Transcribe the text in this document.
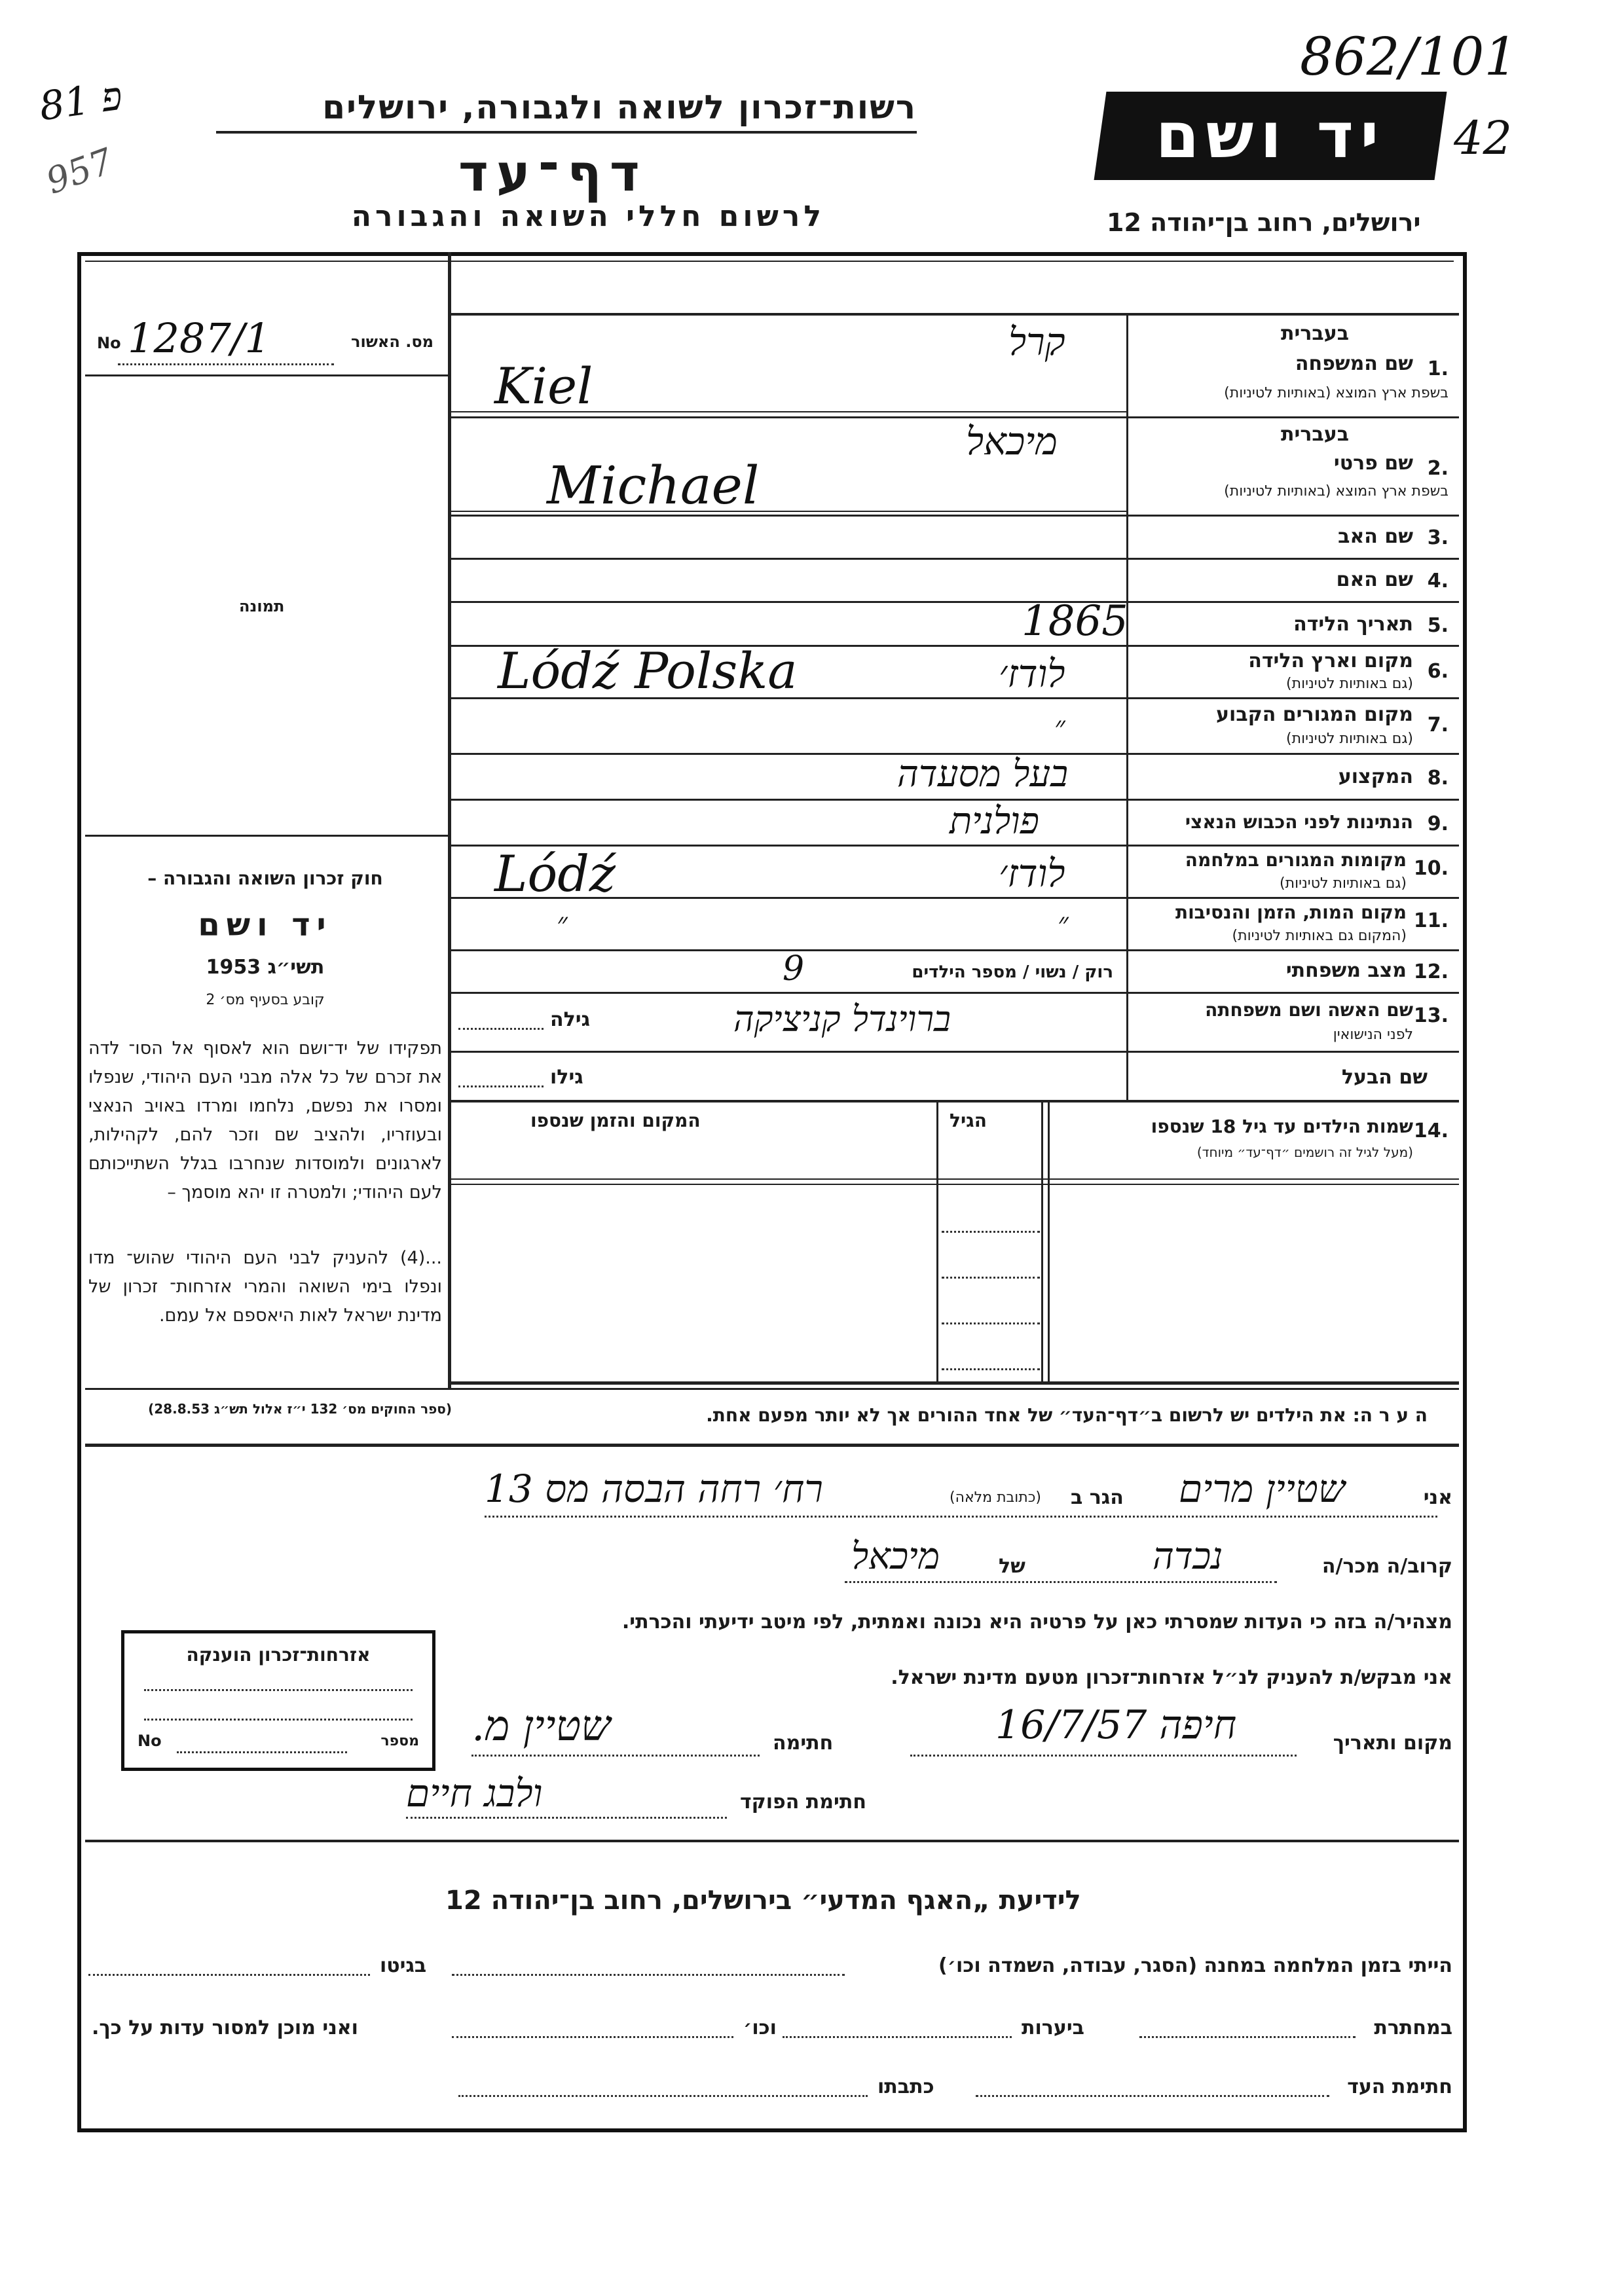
862/101
42
פ 81
957
רשות־זכרון לשואה ולגבורה, ירושלים
דף־עד
לרשום חללי השואה והגבורה
יד ושם
ירושלים, רחוב בן־יהודה 12
No 1287/1	מס. האשור
תמונה
חוק זכרון השואה והגבורה –
יד ושם
תשי״ג 1953
קובע בסעיף מס׳ 2
תפקידו של יד־ושם הוא לאסוף אל הסו־ לדה את זכרם של כל אלה מבני העם היהודי, שנפלו ומסרו את נפשם, נלחמו ומרדו באויב הנאצי ובעוזריו, ולהציב שם וזכר להם, לקהילות, לארגונים ולמוסדות שנחרבו בגלל השתייכותם לעם היהודי; ולמטרה זו יהא מוסמך –
...(4) להעניק לבני העם היהודי שהוש־ מדו ונפלו בימי השואה והמרי אזרחות־ זכרון של מדינת ישראל לאות היאספם אל עמם.
(ספר החוקים מס׳ 132 י״ז אלול תש״ג 28.8.53)
בעברית
1.
שם המשפחה
בשפת ארץ המוצא (באותיות לטיניות)
קרל
Kiel
בעברית
2.
שם פרטי
בשפת ארץ המוצא (באותיות לטיניות)
מיכאל
Michael
3.
שם האב
4.
שם האם
5.
תאריך הלידה
1865
6.
מקום וארץ הלידה
(גם באותיות לטיניות)
Lódź Polska	לודז׳
7.
מקום המגורים הקבוע
(גם באותיות לטיניות)
״
8.
המקצוע
בעל מסעדה
9.
הנתינות לפני הכבוש הנאצי
פולנית
10.
מקומות המגורים במלחמה
(גם באותיות לטיניות)
Lódź	לודז׳
11.
מקום המות, הזמן והנסיבות
(המקום גם באותיות לטיניות)
״	״
12.
מצב משפחתי
רוק / נשוי / מספר הילדים
9
13.
שם האשה ושם משפחתה
לפני הנישואין
ברוינדל קניציקה
גילה
שם הבעל
גילו
14.
שמות הילדים עד גיל 18 שנספו
(מעל לגיל זה רושמים ״דף־עד״ מיוחד)
הגיל
המקום והזמן שנספו
ה ע ר ה: את הילדים יש לרשום ב״דף־העד״ של אחד ההורים אך לא יותר מפעם אחת.
אני
שטיין מרים
הגר ב
(כתובת מלאה)
רח׳ רחה הבסה מס 13
קרוב/ה מכר/ה
נכדה
של
מיכאל
מצהיר/ה בזה כי העדות שמסרתי כאן על פרטיה היא נכונה ואמתית, לפי מיטב ידיעתי והכרתי.
אני מבקש/ת להעניק לנ״ל אזרחות־זכרון מטעם מדינת ישראל.
מקום ותאריך
חיפה 16/7/57
חתימה
שטיין מ.
חתימת הפוקד
ולבג חיים
אזרחות־זכרון הוענקה
No	מספר
לידיעת „האגף המדעי״ בירושלים, רחוב בן־יהודה 12
הייתי בזמן המלחמה במחנה (הסגר, עבודה, השמדה וכו׳)
בגיטו
במחתרת
ביערות
וכו׳
ואני מוכן למסור עדות על כך.
חתימת העד
כתבתו
